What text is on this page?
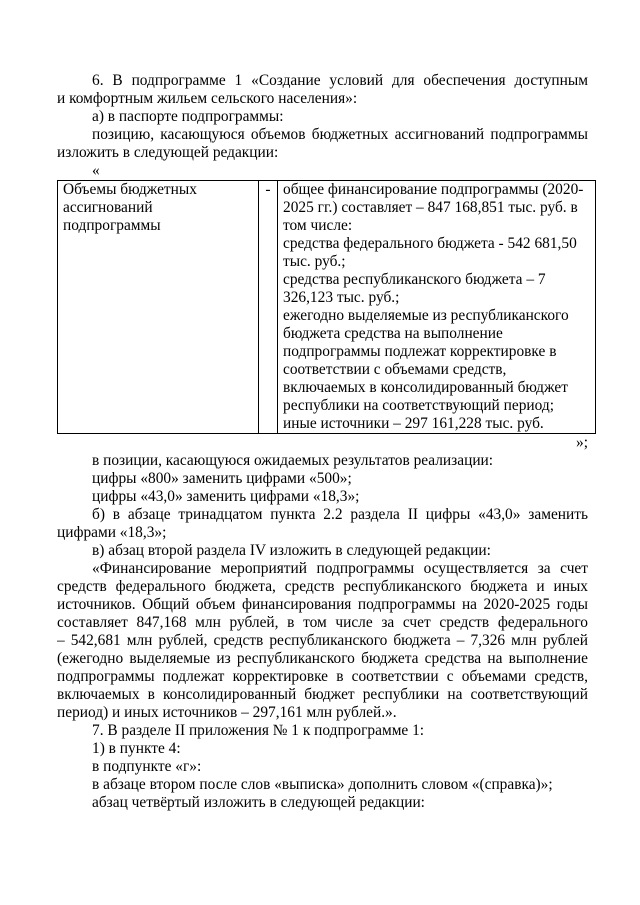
6. В подпрограмме 1 «Создание условий для обеспечения доступным
и комфортным жильем сельского населения»:
а) в паспорте подпрограммы:
позицию, касающуюся объемов бюджетных ассигнований подпрограммы
изложить в следующей редакции:
«
Объемы бюджетных
ассигнований подпрограммы
	-	общее финансирование подпрограммы (2020-
2025 гг.) составляет – 847 168,851 тыс. руб. в
том числе:
средства федерального бюджета - 542 681,50
тыс. руб.;
средства республиканского бюджета – 7
326,123 тыс. руб.;
ежегодно выделяемые из республиканского
бюджета средства на выполнение
подпрограммы подлежат корректировке в
соответствии с объемами средств,
включаемых в консолидированный бюджет
республики на соответствующий период;
иные источники – 297 161,228 тыс. руб.
»;
в позиции, касающуюся ожидаемых результатов реализации:
цифры «800» заменить цифрами «500»;
цифры «43,0» заменить цифрами «18,3»;
б) в абзаце тринадцатом пункта 2.2 раздела II цифры «43,0» заменить
цифрами «18,3»;
в) абзац второй раздела IV изложить в следующей редакции:
«Финансирование мероприятий подпрограммы осуществляется за счет
средств федерального бюджета, средств республиканского бюджета и иных
источников. Общий объем финансирования подпрограммы на 2020-2025 годы
составляет 847,168 млн рублей, в том числе за счет средств федерального
– 542,681 млн рублей, средств республиканского бюджета – 7,326 млн рублей
(ежегодно выделяемые из республиканского бюджета средства на выполнение
подпрограммы подлежат корректировке в соответствии с объемами средств,
включаемых в консолидированный бюджет республики на соответствующий
период) и иных источников – 297,161 млн рублей.».
7. В разделе II приложения № 1 к подпрограмме 1:
1) в пункте 4:
в подпункте «г»:
в абзаце втором после слов «выписка» дополнить словом «(справка)»;
абзац четвёртый изложить в следующей редакции:
